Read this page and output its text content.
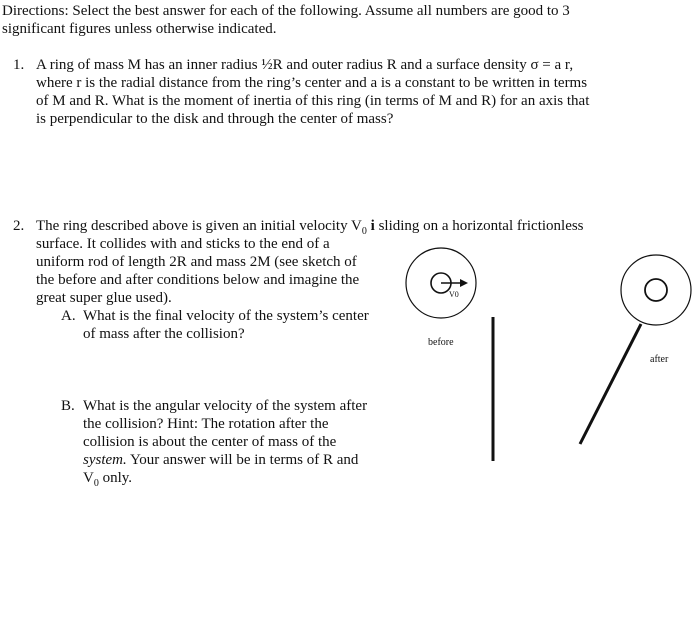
Directions: Select the best answer for each of the following. Assume all numbers are good to 3
significant figures unless otherwise indicated.
1. A ring of mass M has an inner radius ½R and outer radius R and a surface density σ = a r,
where r is the radial distance from the ring’s center and a is a constant to be written in terms
of M and R. What is the moment of inertia of this ring (in terms of M and R) for an axis that
is perpendicular to the disk and through the center of mass?
2. The ring described above is given an initial velocity $V_0$ i sliding on a horizontal frictionless
surface. It collides with and sticks to the end of a
uniform rod of length 2R and mass 2M (see sketch of
the before and after conditions below and imagine the
great super glue used).
A. What is the final velocity of the system’s center
of mass after the collision?
B. What is the angular velocity of the system after
the collision? Hint: The rotation after the
collision is about the center of mass of the
system. Your answer will be in terms of R and
$V_0$ only.
V0
before
after
